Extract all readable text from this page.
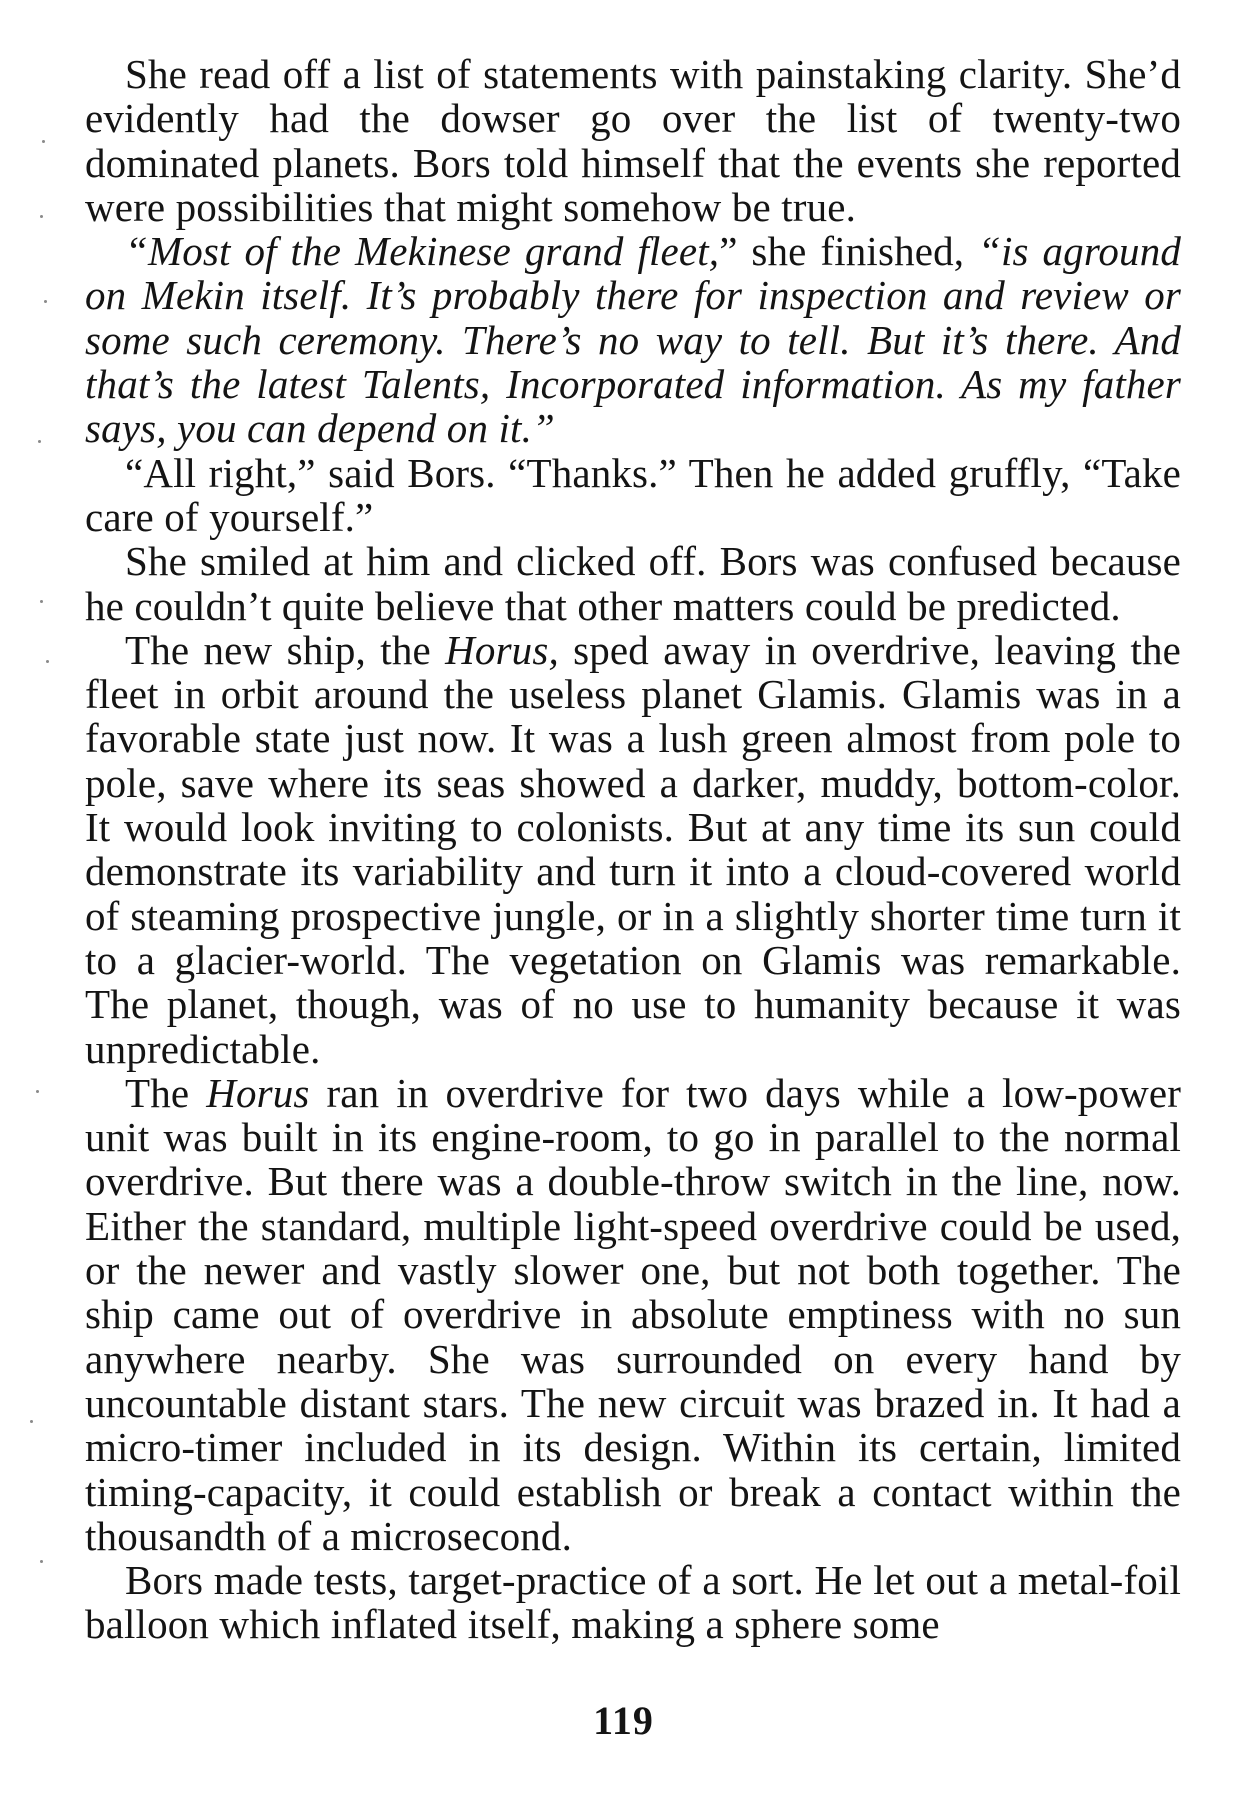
She read off a list of statements with painstaking clarity. She’d evidently had the dowser go over the list of twenty-two dominated planets. Bors told himself that the events she reported were possibilities that might somehow be true.

“Most of the Mekinese grand fleet,” she finished, “is aground on Mekin itself. It’s probably there for inspection and review or some such ceremony. There’s no way to tell. But it’s there. And that’s the latest Talents, Incorporated information. As my father says, you can depend on it.”

“All right,” said Bors. “Thanks.” Then he added gruffly, “Take care of yourself.”

She smiled at him and clicked off. Bors was confused because he couldn’t quite believe that other matters could be predicted.

The new ship, the Horus, sped away in overdrive, leaving the fleet in orbit around the useless planet Glamis. Glamis was in a favorable state just now. It was a lush green almost from pole to pole, save where its seas showed a darker, muddy, bottom-color. It would look inviting to colonists. But at any time its sun could demonstrate its variability and turn it into a cloud-covered world of steaming prospective jungle, or in a slightly shorter time turn it to a glacier-world. The vegetation on Glamis was remarkable. The planet, though, was of no use to humanity because it was unpredictable.

The Horus ran in overdrive for two days while a low-power unit was built in its engine-room, to go in parallel to the normal overdrive. But there was a double-throw switch in the line, now. Either the standard, multiple light-speed overdrive could be used, or the newer and vastly slower one, but not both together. The ship came out of overdrive in absolute emptiness with no sun anywhere nearby. She was surrounded on every hand by uncountable distant stars. The new circuit was brazed in. It had a micro-timer included in its design. Within its certain, limited timing-capacity, it could establish or break a contact within the thousandth of a microsecond.

Bors made tests, target-practice of a sort. He let out a metal-foil balloon which inflated itself, making a sphere some

119
